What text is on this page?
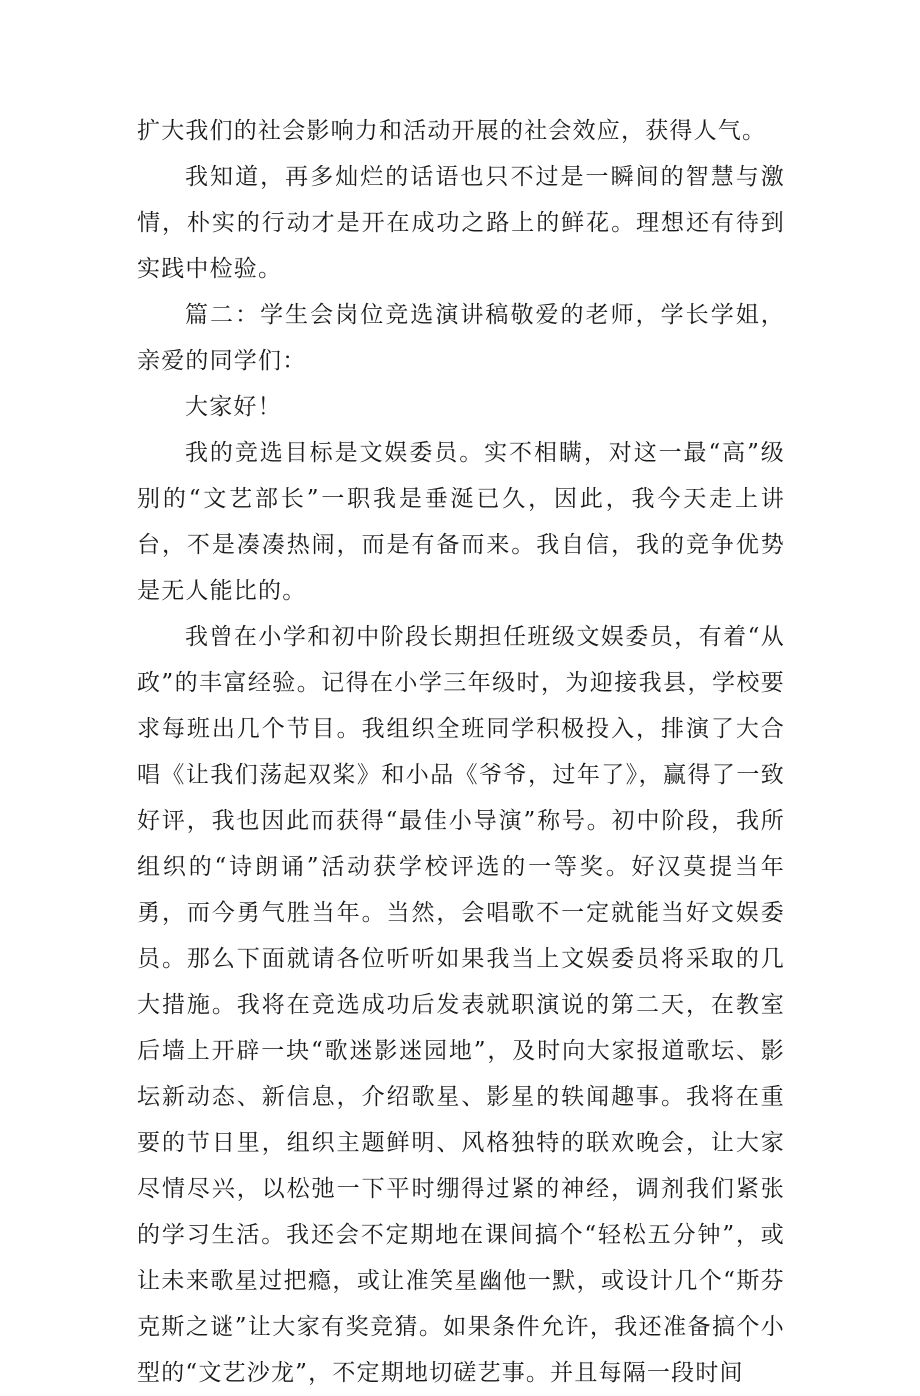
扩大我们的社会影响力和活动开展的社会效应，获得人气。

我知道，再多灿烂的话语也只不过是一瞬间的智慧与激情，朴实的行动才是开在成功之路上的鲜花。理想还有待到实践中检验。

篇二：学生会岗位竞选演讲稿敬爱的老师，学长学姐，亲爱的同学们：

大家好！

我的竞选目标是文娱委员。实不相瞒，对这一最“高”级别的“文艺部长”一职我是垂涎已久，因此，我今天走上讲台，不是凑凑热闹，而是有备而来。我自信，我的竞争优势是无人能比的。

我曾在小学和初中阶段长期担任班级文娱委员，有着“从政”的丰富经验。记得在小学三年级时，为迎接我县，学校要求每班出几个节目。我组织全班同学积极投入，排演了大合唱《让我们荡起双桨》和小品《爷爷，过年了》，赢得了一致好评，我也因此而获得“最佳小导演”称号。初中阶段，我所组织的“诗朗诵”活动获学校评选的一等奖。好汉莫提当年勇，而今勇气胜当年。当然，会唱歌不一定就能当好文娱委员。那么下面就请各位听听如果我当上文娱委员将采取的几大措施。我将在竞选成功后发表就职演说的第二天，在教室后墙上开辟一块“歌迷影迷园地”，及时向大家报道歌坛、影坛新动态、新信息，介绍歌星、影星的轶闻趣事。我将在重要的节日里，组织主题鲜明、风格独特的联欢晚会，让大家尽情尽兴，以松弛一下平时绷得过紧的神经，调剂我们紧张的学习生活。我还会不定期地在课间搞个“轻松五分钟”，或让未来歌星过把瘾，或让准笑星幽他一默，或设计几个“斯芬克斯之谜”让大家有奖竞猜。如果条件允许，我还准备搞个小型的“文艺沙龙”，不定期地切磋艺事。并且每隔一段时间
